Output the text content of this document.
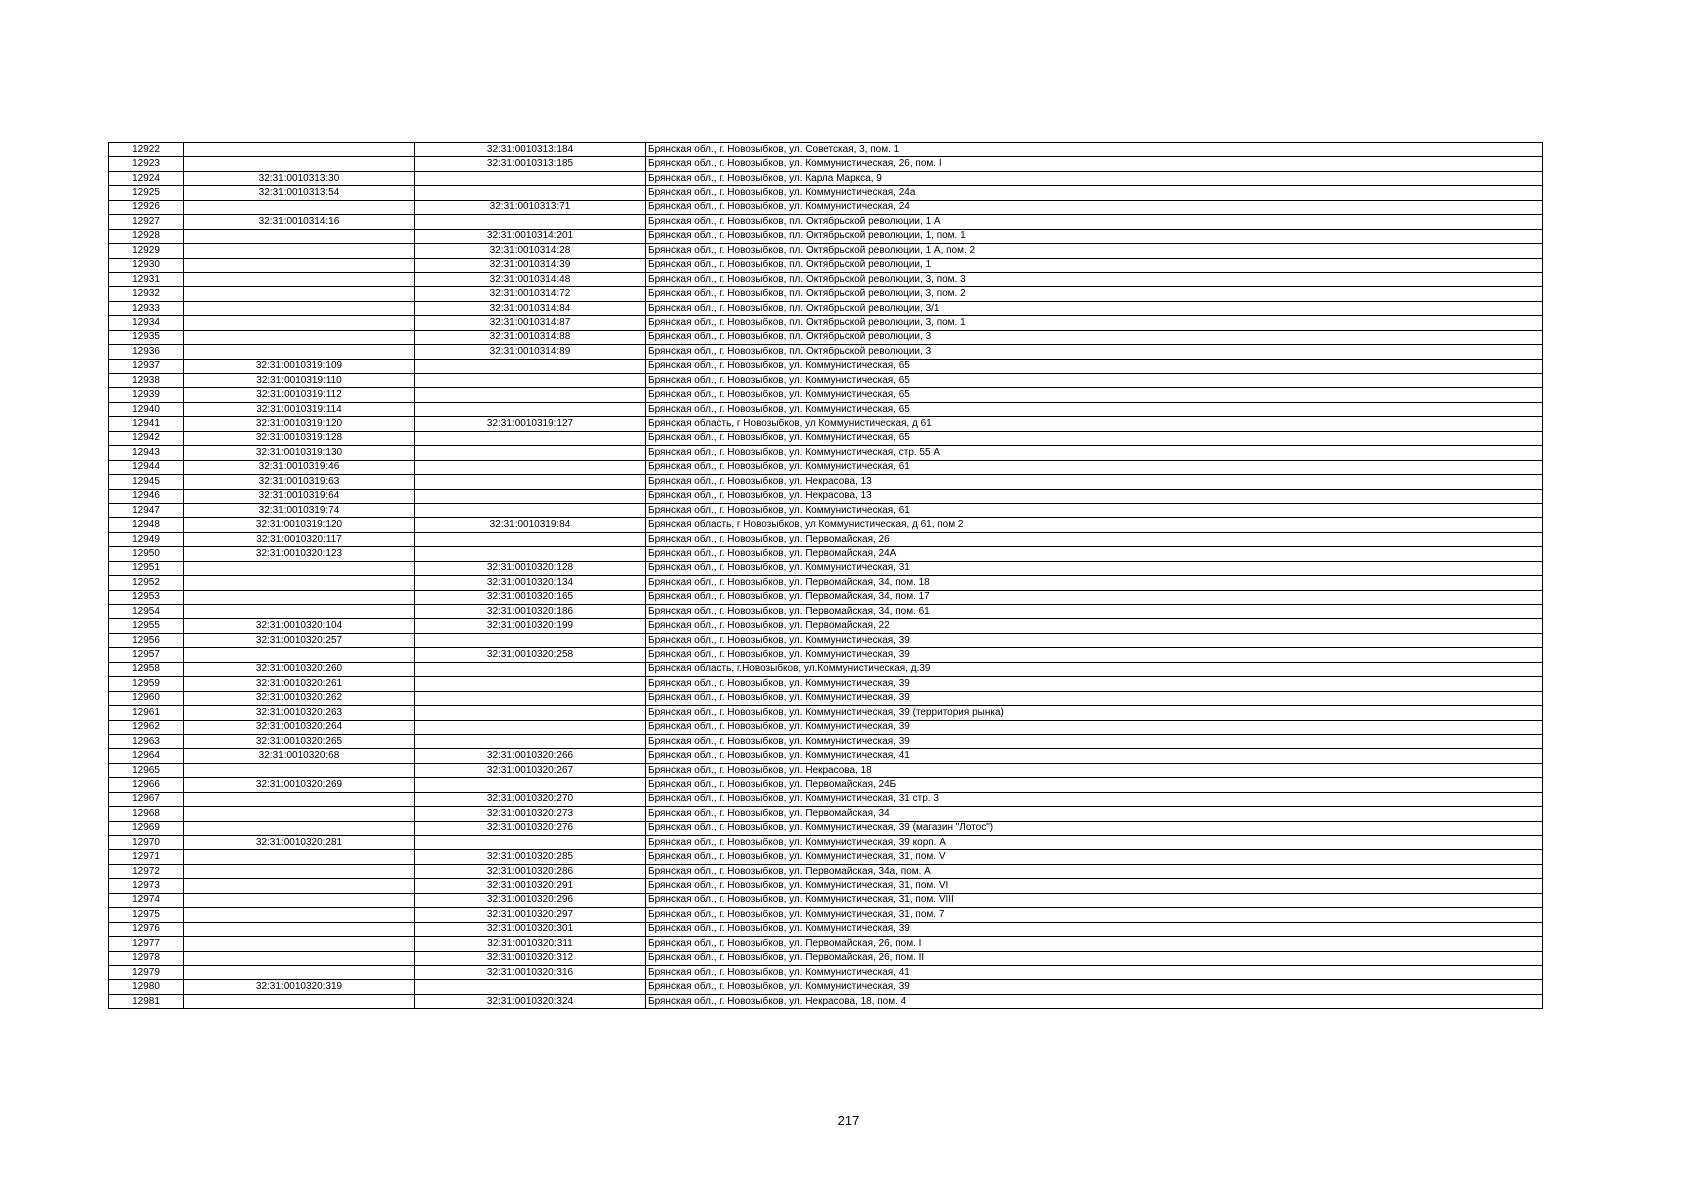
12922		32:31:0010313:184	Брянская обл., г. Новозыбков, ул. Советская, 3, пом. 1
12923		32:31:0010313:185	Брянская обл., г. Новозыбков, ул. Коммунистическая, 26, пом. I
12924	32:31:0010313:30		Брянская обл., г. Новозыбков, ул. Карла Маркса, 9
12925	32:31:0010313:54		Брянская обл., г. Новозыбков, ул. Коммунистическая, 24а
12926		32:31:0010313:71	Брянская обл., г. Новозыбков, ул. Коммунистическая, 24
12927	32:31:0010314:16		Брянская обл., г. Новозыбков, пл. Октябрьской революции, 1 А
12928		32:31:0010314:201	Брянская обл., г. Новозыбков, пл. Октябрьской революции, 1, пом. 1
12929		32:31:0010314:28	Брянская обл., г. Новозыбков, пл. Октябрьской революции, 1 А, пом. 2
12930		32:31:0010314:39	Брянская обл., г. Новозыбков, пл. Октябрьской революции, 1
12931		32:31:0010314:48	Брянская обл., г. Новозыбков, пл. Октябрьской революции, 3, пом. 3
12932		32:31:0010314:72	Брянская обл., г. Новозыбков, пл. Октябрьской революции, 3, пом. 2
12933		32:31:0010314:84	Брянская обл., г. Новозыбков, пл. Октябрьской революции, 3/1
12934		32:31:0010314:87	Брянская обл., г. Новозыбков, пл. Октябрьской революции, 3, пом. 1
12935		32:31:0010314:88	Брянская обл., г. Новозыбков, пл. Октябрьской революции, 3
12936		32:31:0010314:89	Брянская обл., г. Новозыбков, пл. Октябрьской революции, 3
12937	32:31:0010319:109		Брянская обл., г. Новозыбков, ул. Коммунистическая, 65
12938	32:31:0010319:110		Брянская обл., г. Новозыбков, ул. Коммунистическая, 65
12939	32:31:0010319:112		Брянская обл., г. Новозыбков, ул. Коммунистическая, 65
12940	32:31:0010319:114		Брянская обл., г. Новозыбков, ул. Коммунистическая, 65
12941	32:31:0010319:120	32:31:0010319:127	Брянская область, г Новозыбков, ул Коммунистическая, д 61
12942	32:31:0010319:128		Брянская обл., г. Новозыбков, ул. Коммунистическая, 65
12943	32:31:0010319:130		Брянская обл., г. Новозыбков, ул. Коммунистическая, стр. 55 А
12944	32:31:0010319:46		Брянская обл., г. Новозыбков, ул. Коммунистическая, 61
12945	32:31:0010319:63		Брянская обл., г. Новозыбков, ул. Некрасова, 13
12946	32:31:0010319:64		Брянская обл., г. Новозыбков, ул. Некрасова, 13
12947	32:31:0010319:74		Брянская обл., г. Новозыбков, ул. Коммунистическая, 61
12948	32:31:0010319:120	32:31:0010319:84	Брянская область, г Новозыбков, ул Коммунистическая, д 61, пом 2
12949	32:31:0010320:117		Брянская обл., г. Новозыбков, ул. Первомайская, 26
12950	32:31:0010320:123		Брянская обл., г. Новозыбков, ул. Первомайская, 24А
12951		32:31:0010320:128	Брянская обл., г. Новозыбков, ул. Коммунистическая, 31
12952		32:31:0010320:134	Брянская обл., г. Новозыбков, ул. Первомайская, 34, пом. 18
12953		32:31:0010320:165	Брянская обл., г. Новозыбков, ул. Первомайская, 34, пом. 17
12954		32:31:0010320:186	Брянская обл., г. Новозыбков, ул. Первомайская, 34, пом. 61
12955	32:31:0010320:104	32:31:0010320:199	Брянская обл., г. Новозыбков, ул. Первомайская, 22
12956	32:31:0010320:257		Брянская обл., г. Новозыбков, ул. Коммунистическая, 39
12957		32:31:0010320:258	Брянская обл., г. Новозыбков, ул. Коммунистическая, 39
12958	32:31:0010320:260		Брянская область, г.Новозыбков, ул.Коммунистическая, д.39
12959	32:31:0010320:261		Брянская обл., г. Новозыбков, ул. Коммунистическая, 39
12960	32:31:0010320:262		Брянская обл., г. Новозыбков, ул. Коммунистическая, 39
12961	32:31:0010320:263		Брянская обл., г. Новозыбков, ул. Коммунистическая, 39 (территория рынка)
12962	32:31:0010320:264		Брянская обл., г. Новозыбков, ул. Коммунистическая, 39
12963	32:31:0010320:265		Брянская обл., г. Новозыбков, ул. Коммунистическая, 39
12964	32:31:0010320:68	32:31:0010320:266	Брянская обл., г. Новозыбков, ул. Коммунистическая, 41
12965		32:31:0010320:267	Брянская обл., г. Новозыбков, ул. Некрасова, 18
12966	32:31:0010320:269		Брянская обл., г. Новозыбков, ул. Первомайская, 24Б
12967		32:31:0010320:270	Брянская обл., г. Новозыбков, ул. Коммунистическая, 31 стр. 3
12968		32:31:0010320:273	Брянская обл., г. Новозыбков, ул. Первомайская, 34
12969		32:31:0010320:276	Брянская обл., г. Новозыбков, ул. Коммунистическая, 39 (магазин "Лотос")
12970	32:31:0010320:281		Брянская обл., г. Новозыбков, ул. Коммунистическая, 39 корп. А
12971		32:31:0010320:285	Брянская обл., г. Новозыбков, ул. Коммунистическая, 31, пом. V
12972		32:31:0010320:286	Брянская обл., г. Новозыбков, ул. Первомайская, 34а, пом. А
12973		32:31:0010320:291	Брянская обл., г. Новозыбков, ул. Коммунистическая, 31, пом. VI
12974		32:31:0010320:296	Брянская обл., г. Новозыбков, ул. Коммунистическая, 31, пом. VIII
12975		32:31:0010320:297	Брянская обл., г. Новозыбков, ул. Коммунистическая, 31, пом. 7
12976		32:31:0010320:301	Брянская обл., г. Новозыбков, ул. Коммунистическая, 39
12977		32:31:0010320:311	Брянская обл., г. Новозыбков, ул. Первомайская, 26, пом. I
12978		32:31:0010320:312	Брянская обл., г. Новозыбков, ул. Первомайская, 26, пом. II
12979		32:31:0010320:316	Брянская обл., г. Новозыбков, ул. Коммунистическая, 41
12980	32:31:0010320:319		Брянская обл., г. Новозыбков, ул. Коммунистическая, 39
12981		32:31:0010320:324	Брянская обл., г. Новозыбков, ул. Некрасова, 18, пом. 4
217
